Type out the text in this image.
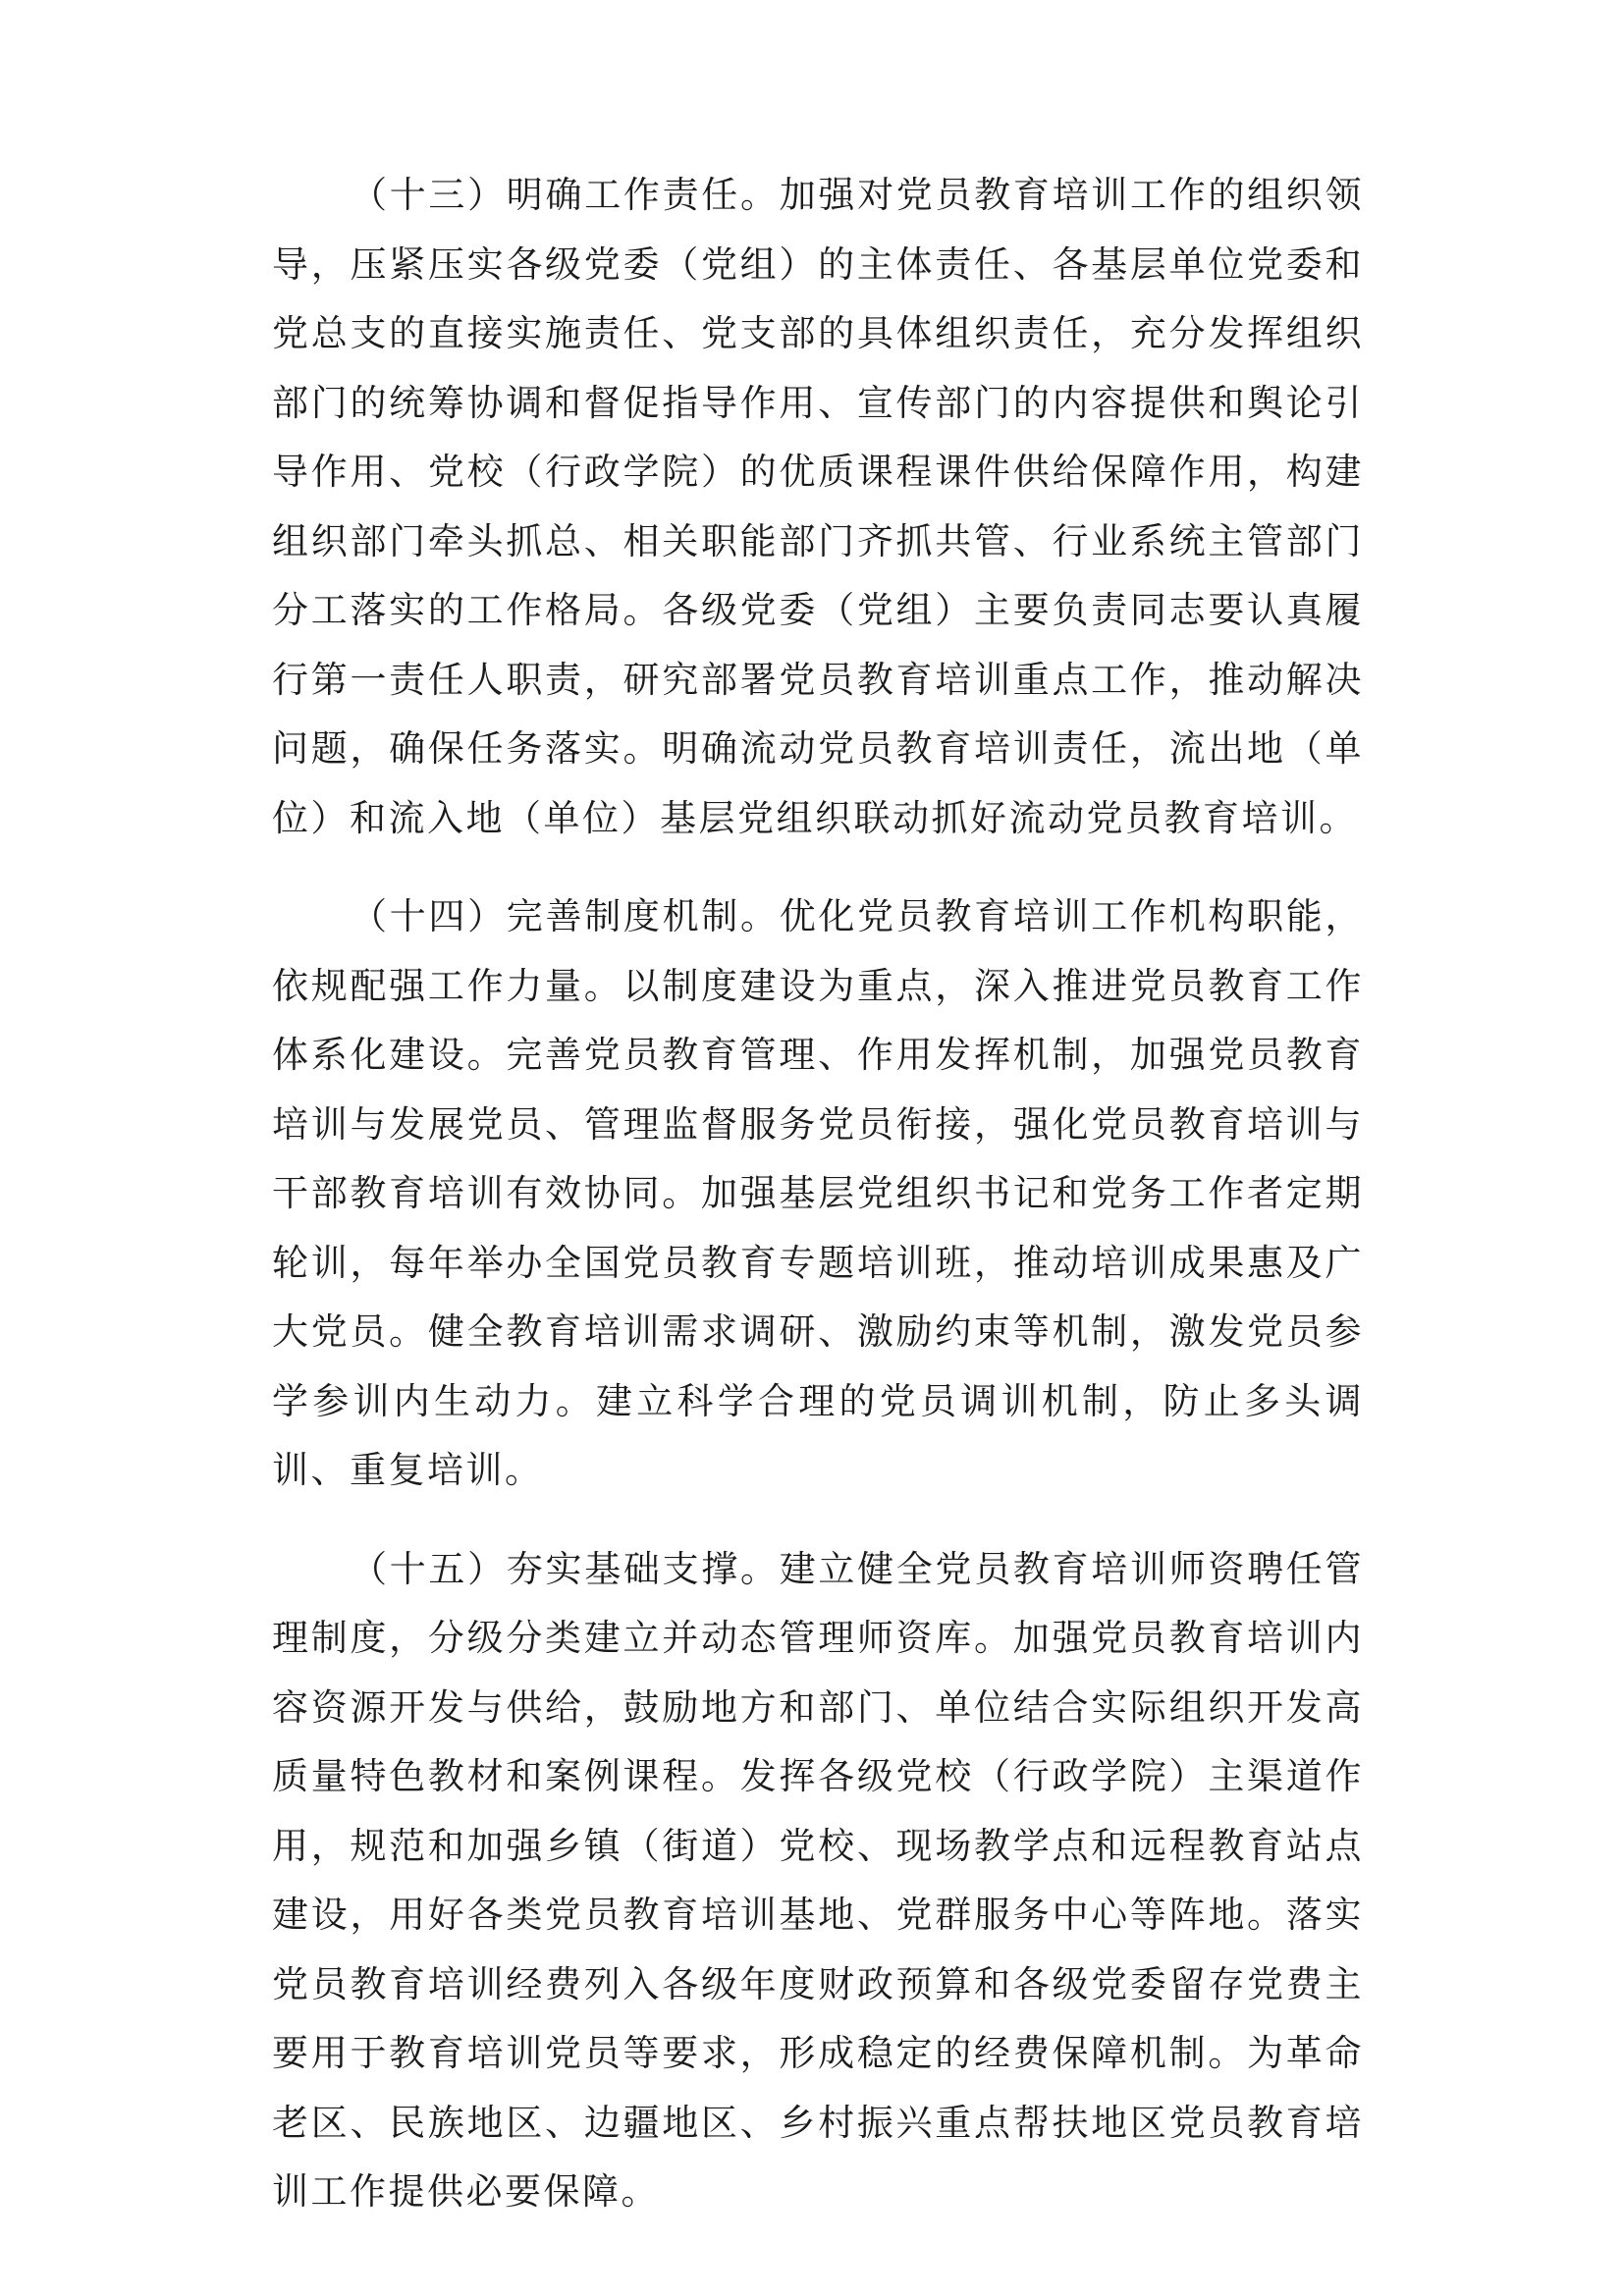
（十三）明确工作责任。加强对党员教育培训工作的组织领导，压紧压实各级党委（党组）的主体责任、各基层单位党委和党总支的直接实施责任、党支部的具体组织责任，充分发挥组织部门的统筹协调和督促指导作用、宣传部门的内容提供和舆论引导作用、党校（行政学院）的优质课程课件供给保障作用，构建组织部门牵头抓总、相关职能部门齐抓共管、行业系统主管部门分工落实的工作格局。各级党委（党组）主要负责同志要认真履行第一责任人职责，研究部署党员教育培训重点工作，推动解决问题，确保任务落实。明确流动党员教育培训责任，流出地（单位）和流入地（单位）基层党组织联动抓好流动党员教育培训。

（十四）完善制度机制。优化党员教育培训工作机构职能，依规配强工作力量。以制度建设为重点，深入推进党员教育工作体系化建设。完善党员教育管理、作用发挥机制，加强党员教育培训与发展党员、管理监督服务党员衔接，强化党员教育培训与干部教育培训有效协同。加强基层党组织书记和党务工作者定期轮训，每年举办全国党员教育专题培训班，推动培训成果惠及广大党员。健全教育培训需求调研、激励约束等机制，激发党员参学参训内生动力。建立科学合理的党员调训机制，防止多头调训、重复培训。

（十五）夯实基础支撑。建立健全党员教育培训师资聘任管理制度，分级分类建立并动态管理师资库。加强党员教育培训内容资源开发与供给，鼓励地方和部门、单位结合实际组织开发高质量特色教材和案例课程。发挥各级党校（行政学院）主渠道作用，规范和加强乡镇（街道）党校、现场教学点和远程教育站点建设，用好各类党员教育培训基地、党群服务中心等阵地。落实党员教育培训经费列入各级年度财政预算和各级党委留存党费主要用于教育培训党员等要求，形成稳定的经费保障机制。为革命老区、民族地区、边疆地区、乡村振兴重点帮扶地区党员教育培训工作提供必要保障。
